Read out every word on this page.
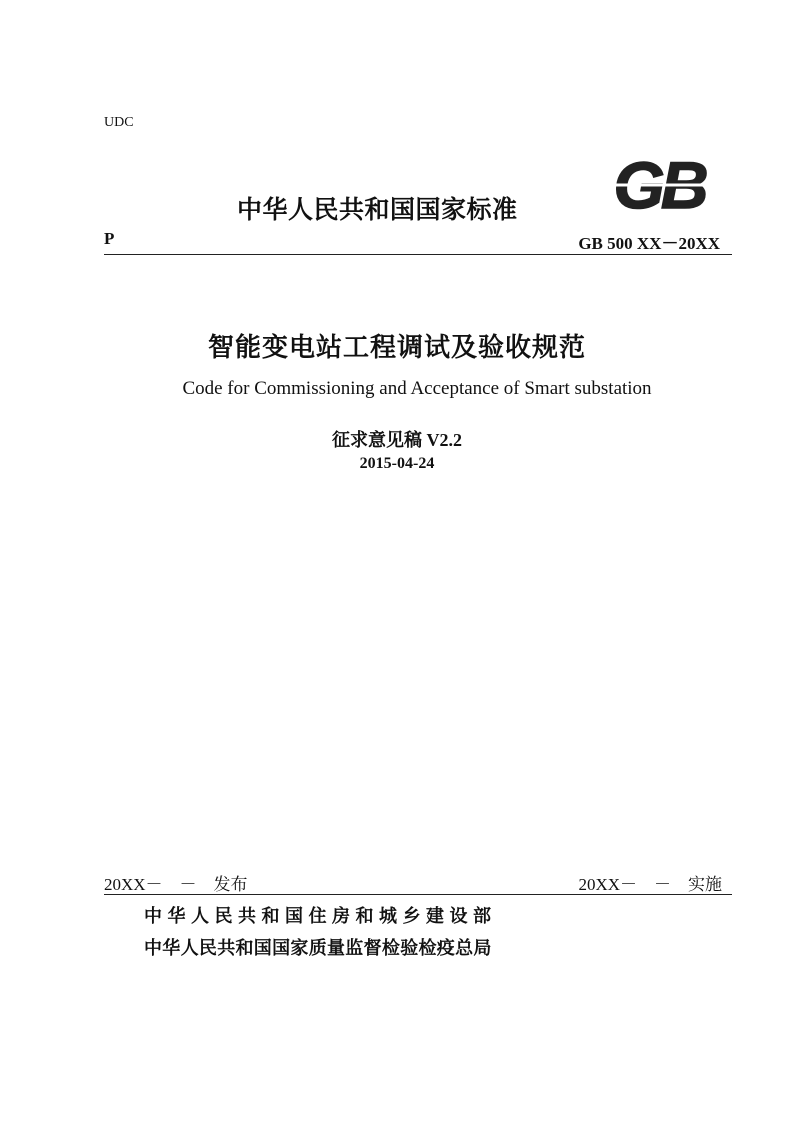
UDC
中华人民共和国国家标准 GB
P	GB 500 XX－20XX
智能变电站工程调试及验收规范
Code for Commissioning and Acceptance of Smart substation
征求意见稿 V2.2
2015-04-24
20XX－　－　发布	20XX－　－　实施
中华人民共和国住房和城乡建设部
中华人民共和国国家质量监督检验检疫总局
